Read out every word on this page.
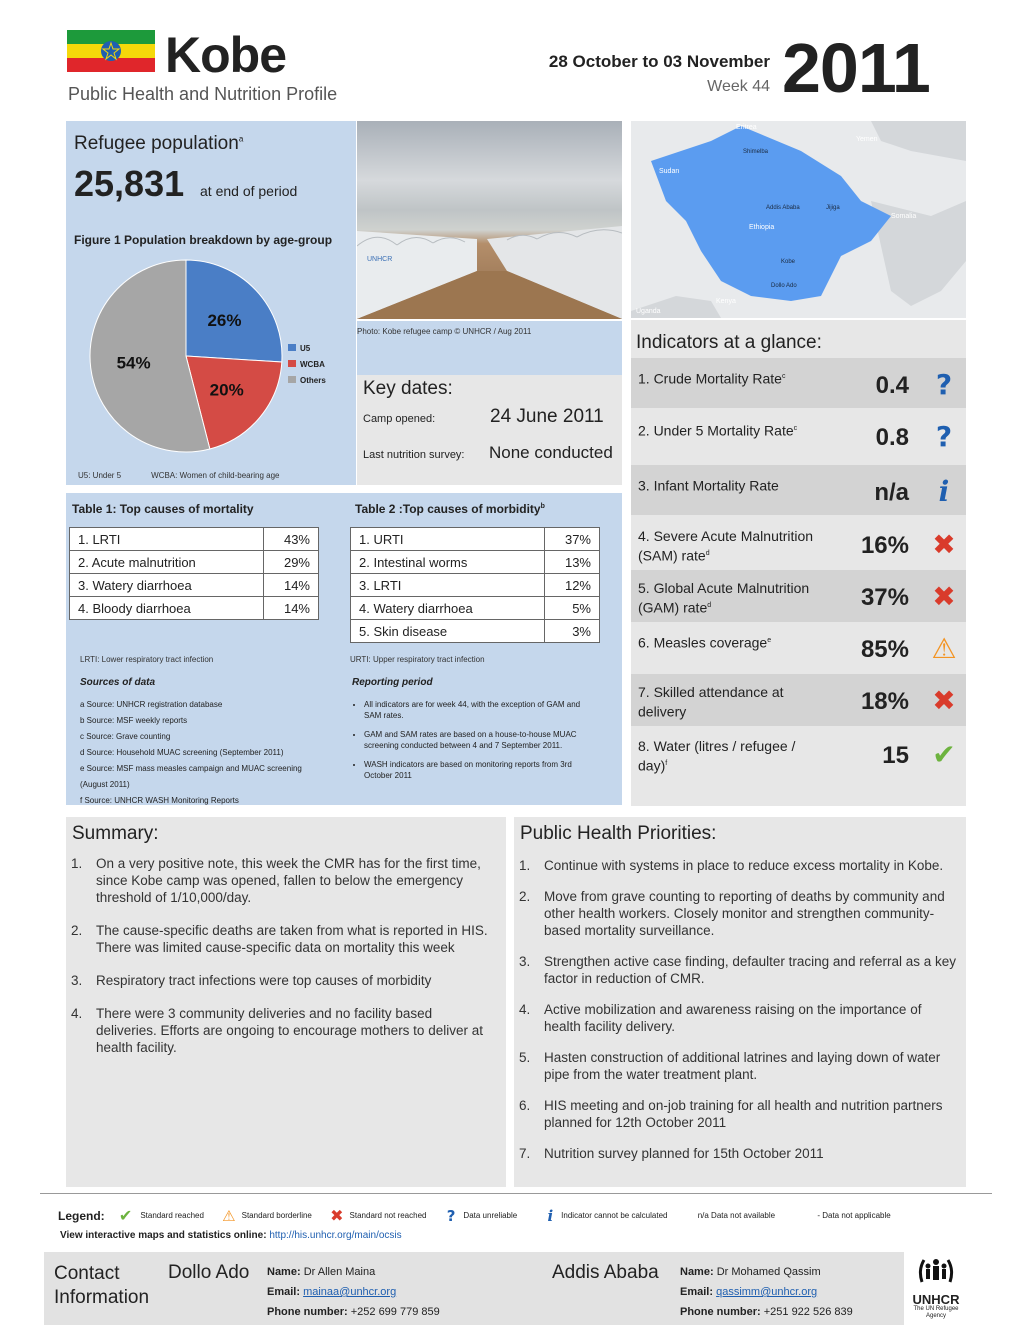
Kobe
Public Health and Nutrition Profile
28 October to 03 November
Week 44 2011
Refugee population$^a$
25,831 at end of period
Figure 1 Population breakdown by age-group
26%
20%
54%
U5
WCBA
Others
U5: Under 5	WCBA: Women of child-bearing age
UNHCR
Photo: Kobe refugee camp © UNHCR / Aug 2011
Eritrea
Yemen
Sudan
Somalia
Ethiopia
Kenya
Uganda
Shimelba
Addis Ababa
Dollo Ado
Kobe
Jijiga
Key dates:
Camp opened:	24 June 2011
Last nutrition survey: None conducted
Table 1: Top causes of mortality
1. LRTI	43%
2. Acute malnutrition	29%
3. Watery diarrhoea	14%
4. Bloody diarrhoea	14%
LRTI: Lower respiratory tract infection
Table 2 :Top causes of morbidity$^b$
1. URTI	37%
2. Intestinal worms	13%
3. LRTI	12%
4. Watery diarrhoea	5%
5. Skin disease	3%
URTI: Upper respiratory tract infection
Sources of data
a Source: UNHCR registration database
b Source: MSF weekly reports
c Source: Grave counting
d Source: Household MUAC screening (September 2011)
e Source: MSF mass measles campaign and MUAC screening (August 2011)
f Source: UNHCR WASH Monitoring Reports
Reporting period
• All indicators are for week 44, with the exception of GAM and SAM rates.
• GAM and SAM rates are based on a house-to-house MUAC screening conducted between 4 and 7 September 2011.
• WASH indicators are based on monitoring reports from 3rd October 2011
Indicators at a glance:
1. Crude Mortality Rate$^c$	0.4 ?
2. Under 5 Mortality Rate$^c$	0.8 ?
3. Infant Mortality Rate	n/a	i
4. Severe Acute Malnutrition (SAM) rate$^d$	16% ✖
5. Global Acute Malnutrition (GAM) rate$^d$	37% ✖
6. Measles coverage$^e$	85% ⚠
7. Skilled attendance at delivery	18% ✖
8. Water (litres / refugee / day)$^f$	15 ✔
Summary:
1. On a very positive note, this week the CMR has for the first time, since Kobe camp was opened, fallen to below the emergency threshold of 1/10,000/day.
2. The cause-specific deaths are taken from what is reported in HIS. There was limited cause-specific data on mortality this week
3. Respiratory tract infections were top causes of morbidity
4. There were 3 community deliveries and no facility based deliveries. Efforts are ongoing to encourage mothers to deliver at health facility.
Public Health Priorities:
1. Continue with systems in place to reduce excess mortality in Kobe.
2. Move from grave counting to reporting of deaths by community and other health workers. Closely monitor and strengthen community-based mortality surveillance.
3. Strengthen active case finding, defaulter tracing and referral as a key factor in reduction of CMR.
4. Active mobilization and awareness raising on the importance of health facility delivery.
5. Hasten construction of additional latrines and laying down of water pipe from the water treatment plant.
6. HIS meeting and on-job training for all health and nutrition partners planned for 12th October 2011
7. Nutrition survey planned for 15th October 2011
Legend: ✔ Standard reached ⚠ Standard borderline ✖ Standard not reached ? Data unreliable i Indicator cannot be calculated	n/a Data not available	- Data not applicable
View interactive maps and statistics online: http://his.unhcr.org/main/ocsis
Contact Information
Dollo Ado Name: Dr Allen Maina
Email: mainaa@unhcr.org
Phone number: +252 699 779 859
Addis Ababa Name: Dr Mohamed Qassim
Email: qassimm@unhcr.org
Phone number: +251 922 526 839
UNHCR
The UN Refugee Agency
